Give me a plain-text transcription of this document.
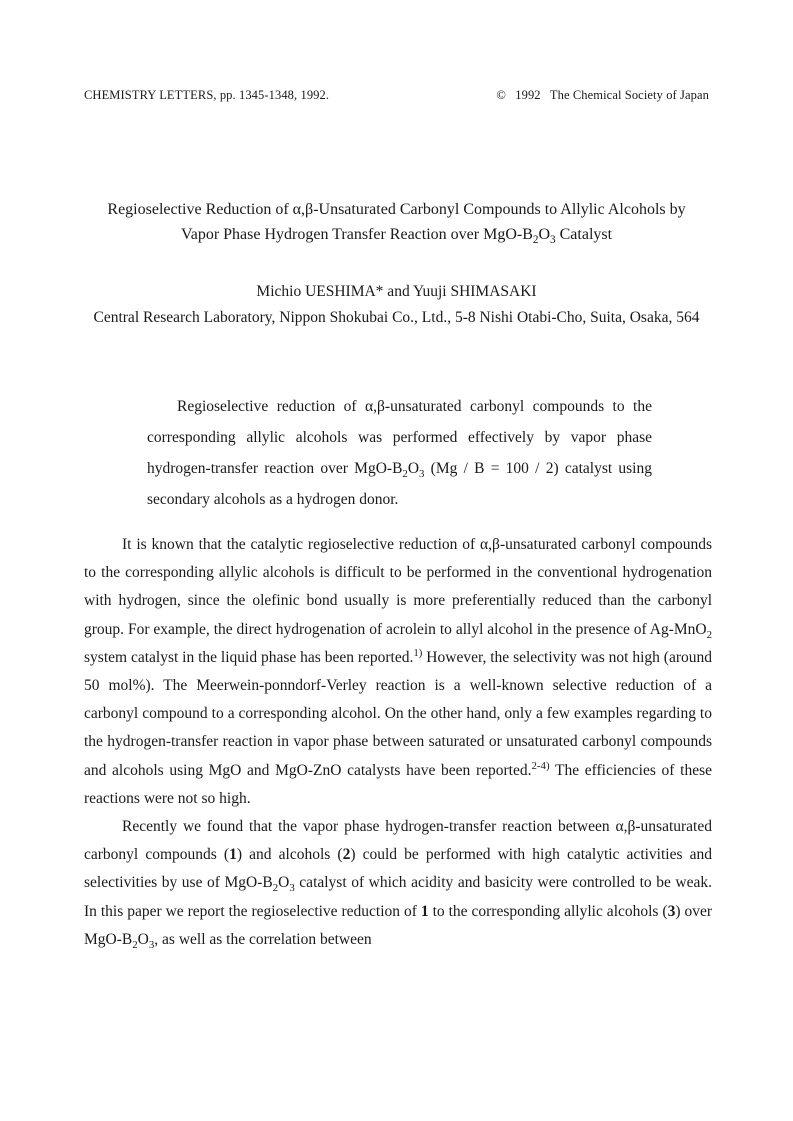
CHEMISTRY LETTERS, pp. 1345-1348, 1992.	© 1992 The Chemical Society of Japan
Regioselective Reduction of α,β-Unsaturated Carbonyl Compounds to Allylic Alcohols by
Vapor Phase Hydrogen Transfer Reaction over MgO-$B_2O_3$ Catalyst
Michio UESHIMA* and Yuuji SHIMASAKI
Central Research Laboratory, Nippon Shokubai Co., Ltd., 5-8 Nishi Otabi-Cho, Suita, Osaka, 564
Regioselective reduction of α,β-unsaturated carbonyl compounds to the corresponding allylic alcohols was performed effectively by vapor phase hydrogen-transfer reaction over MgO-$B_2O_3$ (Mg / B = 100 / 2) catalyst using secondary alcohols as a hydrogen donor.

It is known that the catalytic regioselective reduction of α,β-unsaturated carbonyl compounds to the corresponding allylic alcohols is difficult to be performed in the conventional hydrogenation with hydrogen, since the olefinic bond usually is more preferentially reduced than the carbonyl group. For example, the direct hydrogenation of acrolein to allyl alcohol in the presence of Ag-MnO$_2$ system catalyst in the liquid phase has been reported.$^{1)}$ However, the selectivity was not high (around 50 mol%). The Meerwein-ponndorf-Verley reaction is a well-known selective reduction of a carbonyl compound to a corresponding alcohol. On the other hand, only a few examples regarding to the hydrogen-transfer reaction in vapor phase between saturated or unsaturated carbonyl compounds and alcohols using MgO and MgO-ZnO catalysts have been reported.$^{2-4)}$ The efficiencies of these reactions were not so high.

Recently we found that the vapor phase hydrogen-transfer reaction between α,β-unsaturated carbonyl compounds (1) and alcohols (2) could be performed with high catalytic activities and selectivities by use of MgO-$B_2O_3$ catalyst of which acidity and basicity were controlled to be weak. In this paper we report the regioselective reduction of 1 to the corresponding allylic alcohols (3) over MgO-$B_2O_3$, as well as the correlation between
